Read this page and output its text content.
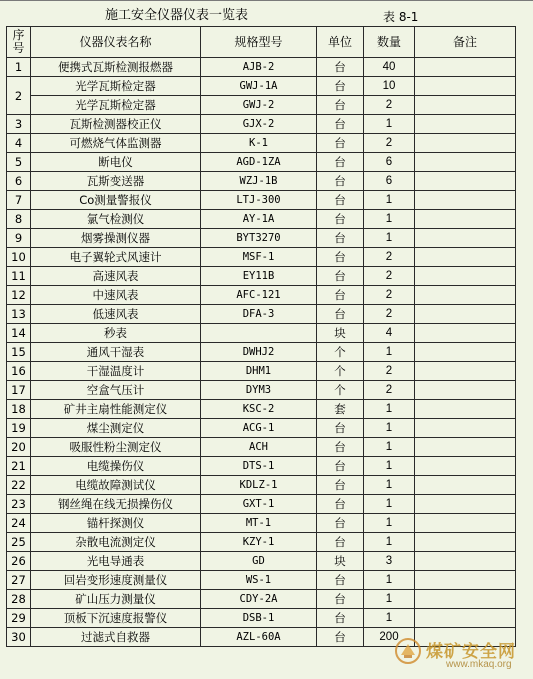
施工安全仪器仪表一览表	表 8-1
序
号	仪器仪表名称	规格型号	单位	数量	备注
1	便携式瓦斯检测报燃器	AJB-2	台	40	
2	光学瓦斯检定器	GWJ-1A	台	10	
	光学瓦斯检定器	GWJ-2	台	2	
3	瓦斯检测器校正仪	GJX-2	台	1	
4	可燃烧气体监测器	K-1	台	2	
5	断电仪	AGD-1ZA	台	6	
6	瓦斯变送器	WZJ-1B	台	6	
7	Co测量警报仪	LTJ-300	台	1	
8	氯气检测仪	AY-1A	台	1	
9	烟雾操测仪器	BYT3270	台	1	
10	电子翼轮式风速计	MSF-1	台	2	
11	高速风表	EY11B	台	2	
12	中速风表	AFC-121	台	2	
13	低速风表	DFA-3	台	2	
14	秒表		块	4	
15	通风干湿表	DWHJ2	个	1	
16	干湿温度计	DHM1	个	2	
17	空盒气压计	DYM3	个	2	
18	矿井主扇性能测定仪	KSC-2	套	1	
19	煤尘测定仪	ACG-1	台	1	
20	吸服性粉尘测定仪	ACH	台	1	
21	电缆操伤仪	DTS-1	台	1	
22	电缆故障测试仪	KDLZ-1	台	1	
23	钢丝绳在线无损操伤仪	GXT-1	台	1	
24	锚杆探测仪	MT-1	台	1	
25	杂散电流测定仪	KZY-1	台	1	
26	光电导通表	GD	块	3	
27	回岩变形速度测量仪	WS-1	台	1	
28	矿山压力测量仪	CDY-2A	台	1	
29	顶板下沉速度报警仪	DSB-1	台	1	
30	过滤式自救器	AZL-60A	台	200	
煤矿安全网
www.mkaq.org
